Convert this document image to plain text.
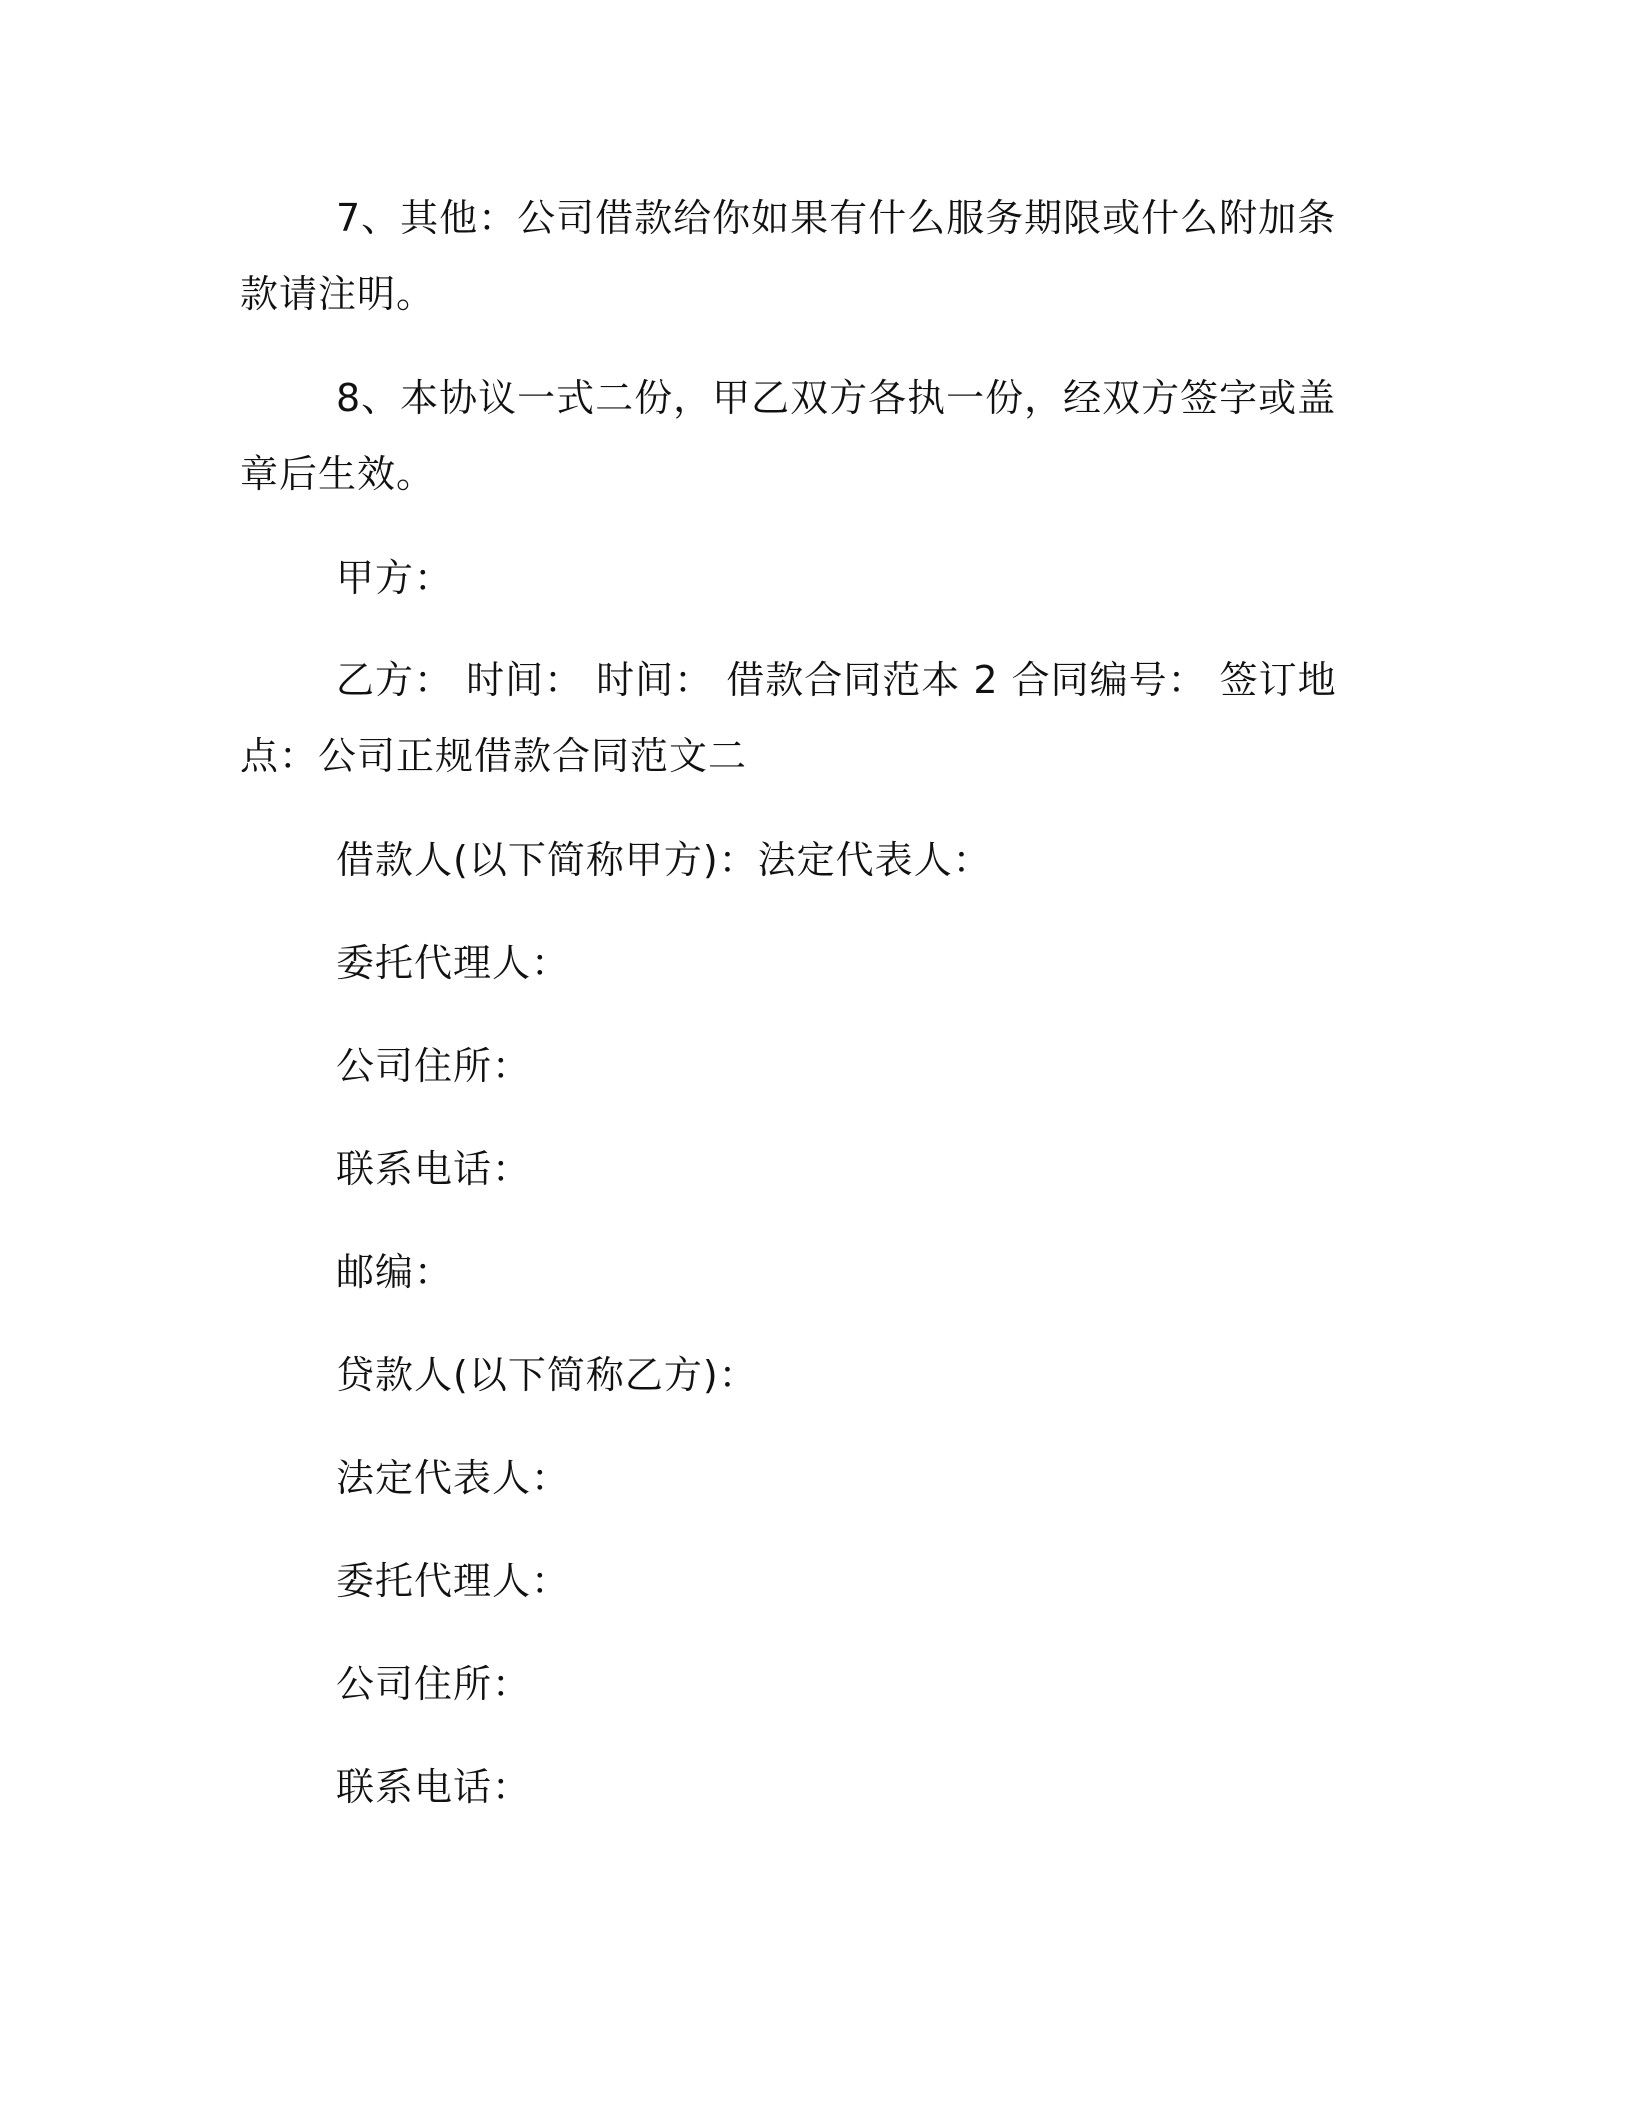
7、其他：公司借款给你如果有什么服务期限或什么附加条款请注明。

8、本协议一式二份，甲乙双方各执一份，经双方签字或盖章后生效。

甲方：

乙方： 时间： 时间： 借款合同范本 2 合同编号： 签订地点：公司正规借款合同范文二

借款人(以下简称甲方)：法定代表人：

委托代理人：

公司住所：

联系电话：

邮编：

贷款人(以下简称乙方)：

法定代表人：

委托代理人：

公司住所：

联系电话：
